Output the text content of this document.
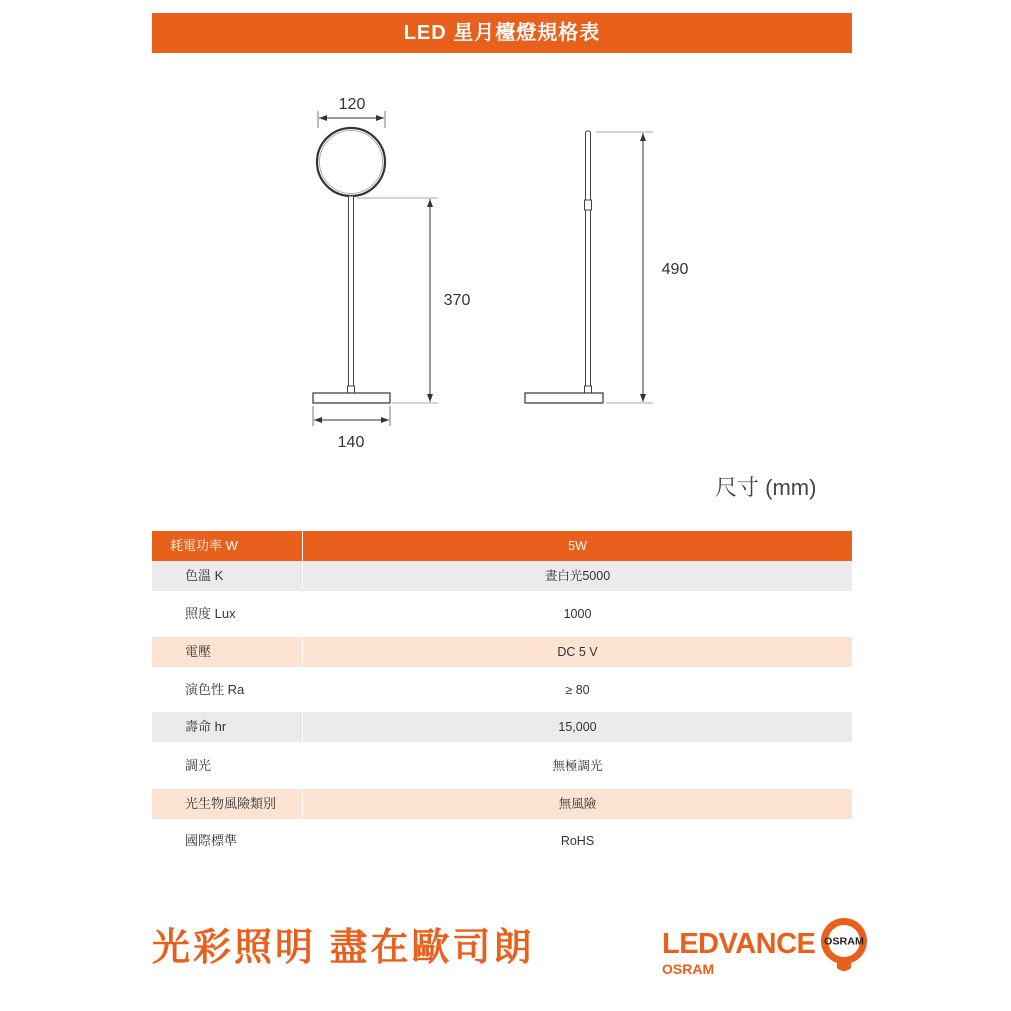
LED 星月檯燈規格表
120
370
140
490
尺寸 (mm)
耗電功率 W	5W
色溫 K	晝白光5000
照度 Lux	1000
電壓	DC 5 V
演色性 Ra	≥ 80
壽命 hr	15,000
調光	無極調光
光生物風險類別	無風險
國際標準	RoHS
光彩照明 盡在歐司朗	LEDVANCE
OSRAM
OSRAM
